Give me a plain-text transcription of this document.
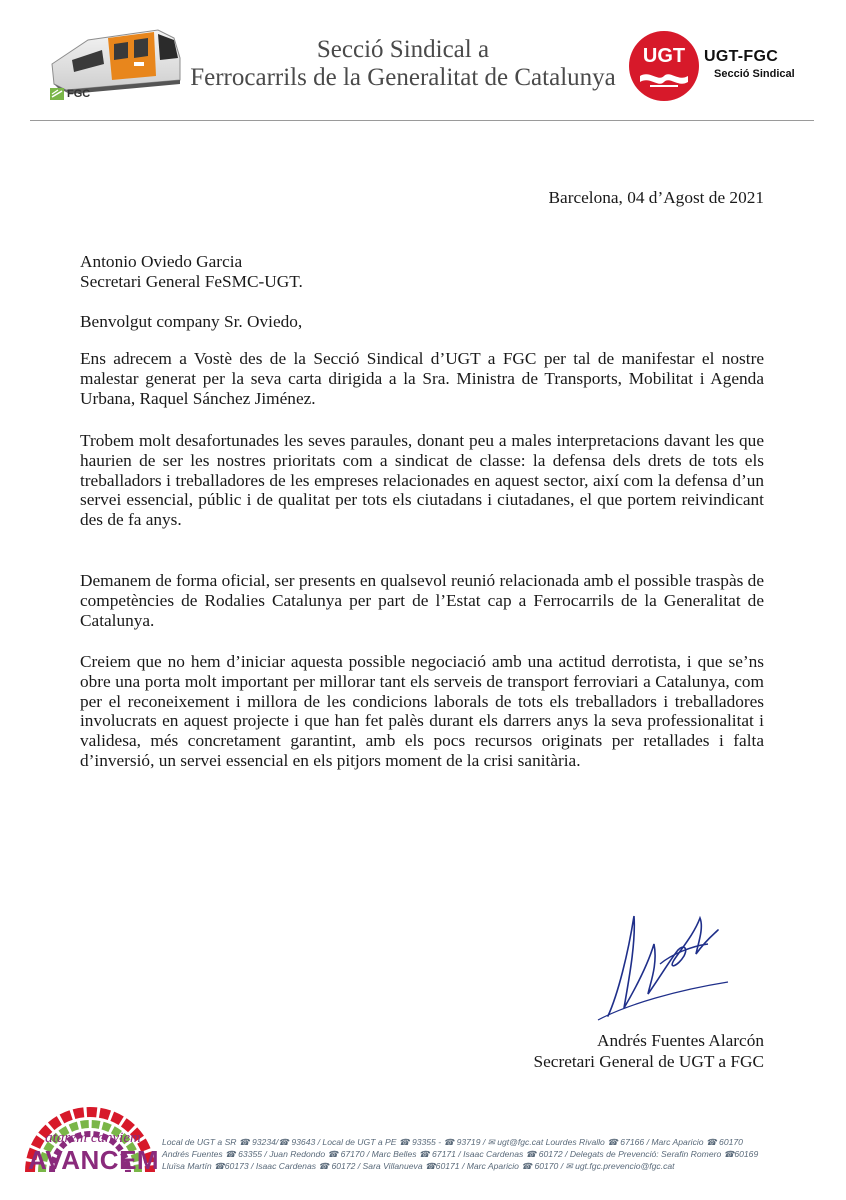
FGC
Secció Sindical a
Ferrocarrils de la Generalitat de Catalunya
UGT UGT-FGC
Secció Sindical
Barcelona, 04 d’Agost de 2021
Antonio Oviedo Garcia
Secretari General FeSMC-UGT.
Benvolgut company Sr. Oviedo,

Ens adrecem a Vostè des de la Secció Sindical d’UGT a FGC per tal de manifestar el nostre malestar generat per la seva carta dirigida a la Sra. Ministra de Transports, Mobilitat i Agenda Urbana, Raquel Sánchez Jiménez.

Trobem molt desafortunades les seves paraules, donant peu a males interpretacions davant les que haurien de ser les nostres prioritats com a sindicat de classe: la defensa dels drets de tots els treballadors i treballadores de les empreses relacionades en aquest sector, així com la defensa d’un servei essencial, públic i de qualitat per tots els ciutadans i ciutadanes, el que portem reivindicant des de fa anys.

Demanem de forma oficial, ser presents en qualsevol reunió relacionada amb el possible traspàs de competències de Rodalies Catalunya per part de l’Estat cap a Ferrocarrils de la Generalitat de Catalunya.

Creiem que no hem d’iniciar aquesta possible negociació amb una actitud derrotista, i que se’ns obre una porta molt important per millorar tant els serveis de transport ferroviari a Catalunya, com per el reconeixement i millora de les condicions laborals de tots els treballadors i treballadores involucrats en aquest projecte i que han fet palès durant els darrers anys la seva professionalitat i validesa, més concretament garantint, amb els pocs recursos originats per retallades i falta d’inversió, un servei essencial en els pitjors moment de la crisi sanitària.

Andrés Fuentes Alarcón
Secretari General de UGT a FGC
atarem canviem
AVANCEM
Local de UGT a SR ☎ 93234/☎ 93643 / Local de UGT a PE ☎ 93355 - ☎ 93719 / ✉ ugt@fgc.cat Lourdes Rivallo ☎ 67166 / Marc Aparicio ☎ 60170
Andrés Fuentes ☎ 63355 / Juan Redondo ☎ 67170 / Marc Belles ☎ 67171 / Isaac Cardenas ☎ 60172 / Delegats de Prevenció: Serafin Romero ☎60169
Lluïsa Martín ☎60173 / Isaac Cardenas ☎ 60172 / Sara Villanueva ☎60171 / Marc Aparicio ☎ 60170 / ✉ ugt.fgc.prevencio@fgc.cat
